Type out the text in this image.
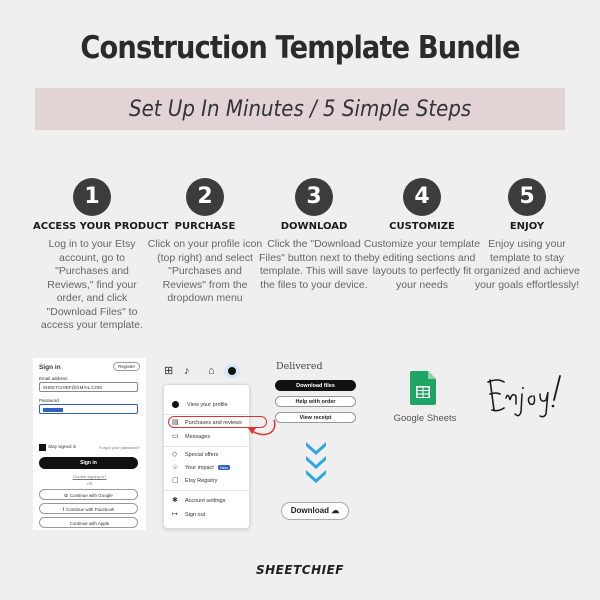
Construction Template Bundle
Set Up In Minutes / 5 Simple Steps
1
ACCESS YOUR PRODUCT
Log in to your Etsy account, go to "Purchases and Reviews," find your order, and click "Download Files" to access your template.
2
PURCHASE
Click on your profile icon (top right) and select "Purchases and Reviews" from the dropdown menu
3
DOWNLOAD
Click the "Download Files" button next to the template. This will save the files to your device.
4
CUSTOMIZE
Customize your template by editing sections and layouts to perfectly fit your needs
5
ENJOY
Enjoy using your template to stay organized and achieve your goals effortlessly!
Sign in	Register
Email address
SHEETCHIEF@GMAIL.COM
Password
Stay signed in	Forgot your password?
Sign in
Trouble signing in?
OR
G Continue with Google
f Continue with Facebook
Continue with Apple
⊞ ♪ ⌂
View your profile
▤ Purchases and reviews
▭ Messages
◇ Special offers
♧ Your impact	New
▢ Etsy Registry
✱ Account settings
↦ Sign out
Delivered
Download files
Help with order
View receipt
Download ☁
Google Sheets
SHEETCHIEF
